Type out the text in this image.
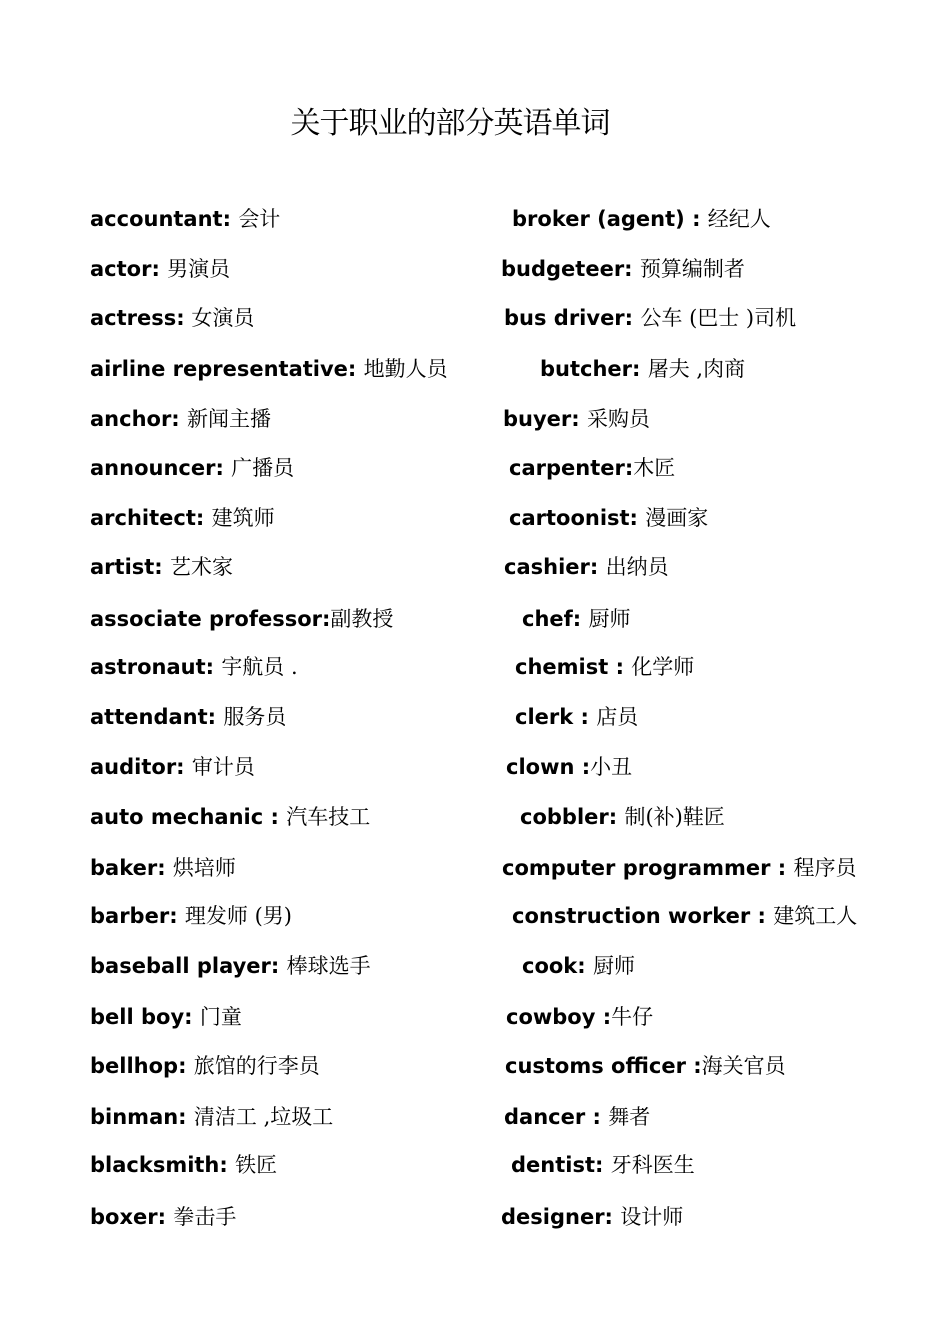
关于职业的部分英语单词
accountant: 会计
actor: 男演员
actress: 女演员
airline representative: 地勤人员
anchor: 新闻主播
announcer: 广播员
architect: 建筑师
artist: 艺术家
associate professor:副教授
astronaut: 宇航员 .
attendant: 服务员
auditor: 审计员
auto mechanic : 汽车技工
baker: 烘培师
barber: 理发师 (男)
baseball player: 棒球选手
bell boy: 门童
bellhop: 旅馆的行李员
binman: 清洁工 ,垃圾工
blacksmith: 铁匠
boxer: 拳击手
broker (agent) : 经纪人
budgeteer: 预算编制者
bus driver: 公车 (巴士 )司机
butcher: 屠夫 ,肉商
buyer: 采购员
carpenter:木匠
cartoonist: 漫画家
cashier: 出纳员
chef: 厨师
chemist : 化学师
clerk : 店员
clown :小丑
cobbler: 制(补)鞋匠
computer programmer : 程序员
construction worker : 建筑工人
cook: 厨师
cowboy :牛仔
customs officer :海关官员
dancer : 舞者
dentist: 牙科医生
designer: 设计师
